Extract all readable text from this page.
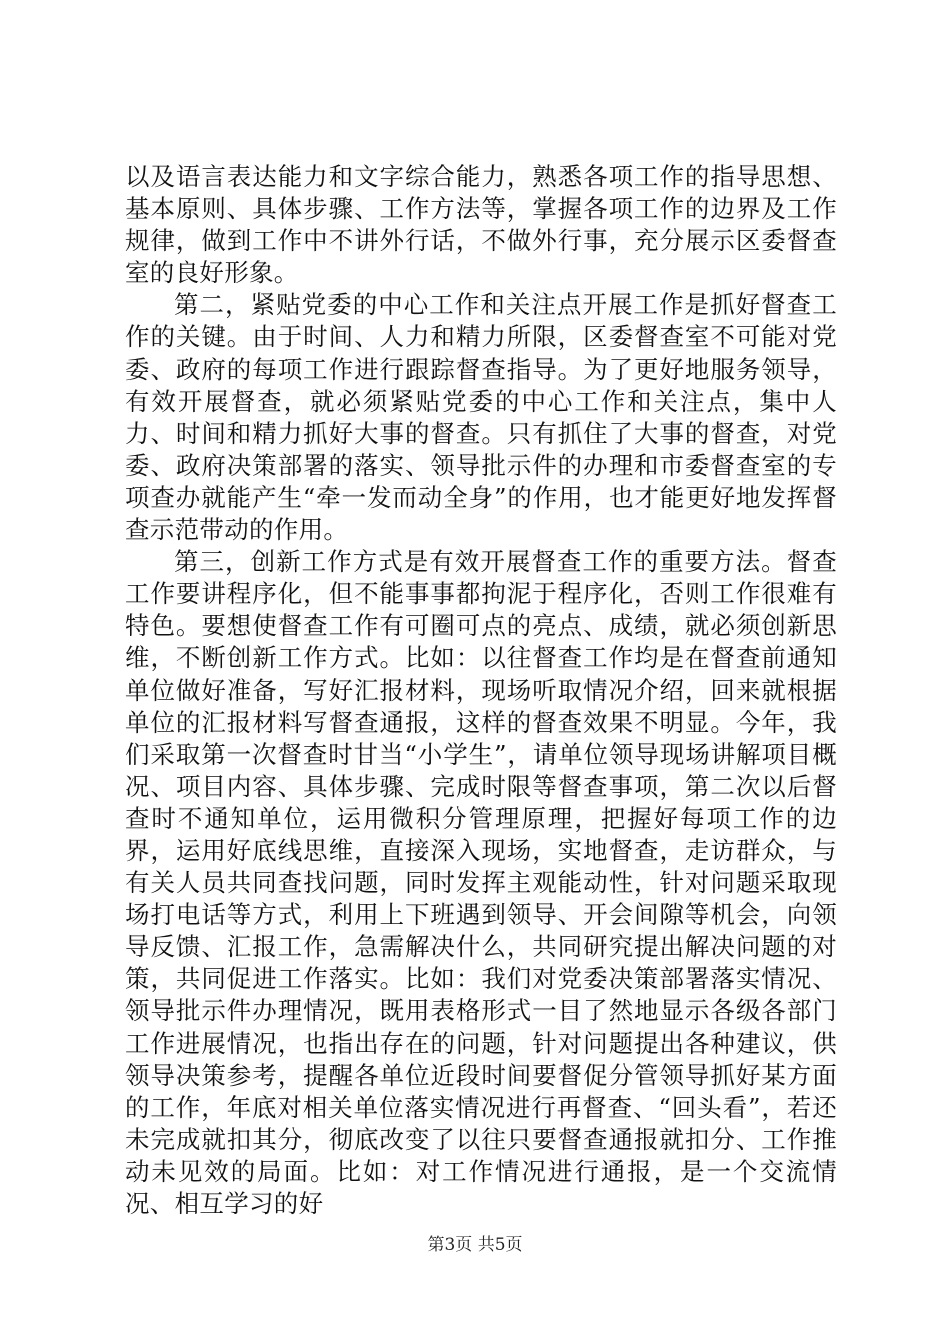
以及语言表达能力和文字综合能力，熟悉各项工作的指导思想、基本原则、具体步骤、工作方法等，掌握各项工作的边界及工作规律，做到工作中不讲外行话，不做外行事，充分展示区委督查室的良好形象。

第二，紧贴党委的中心工作和关注点开展工作是抓好督查工作的关键。由于时间、人力和精力所限，区委督查室不可能对党委、政府的每项工作进行跟踪督查指导。为了更好地服务领导，有效开展督查，就必须紧贴党委的中心工作和关注点，集中人力、时间和精力抓好大事的督查。只有抓住了大事的督查，对党委、政府决策部署的落实、领导批示件的办理和市委督查室的专项查办就能产生“牵一发而动全身”的作用，也才能更好地发挥督查示范带动的作用。

第三，创新工作方式是有效开展督查工作的重要方法。督查工作要讲程序化，但不能事事都拘泥于程序化，否则工作很难有特色。要想使督查工作有可圈可点的亮点、成绩，就必须创新思维，不断创新工作方式。比如：以往督查工作均是在督查前通知单位做好准备，写好汇报材料，现场听取情况介绍，回来就根据单位的汇报材料写督查通报，这样的督查效果不明显。今年，我们采取第一次督查时甘当“小学生”，请单位领导现场讲解项目概况、项目内容、具体步骤、完成时限等督查事项，第二次以后督查时不通知单位，运用微积分管理原理，把握好每项工作的边界，运用好底线思维，直接深入现场，实地督查，走访群众，与有关人员共同查找问题，同时发挥主观能动性，针对问题采取现场打电话等方式，利用上下班遇到领导、开会间隙等机会，向领导反馈、汇报工作，急需解决什么，共同研究提出解决问题的对策，共同促进工作落实。比如：我们对党委决策部署落实情况、领导批示件办理情况，既用表格形式一目了然地显示各级各部门工作进展情况，也指出存在的问题，针对问题提出各种建议，供领导决策参考，提醒各单位近段时间要督促分管领导抓好某方面的工作，年底对相关单位落实情况进行再督查、“回头看”，若还未完成就扣其分，彻底改变了以往只要督查通报就扣分、工作推动未见效的局面。比如：对工作情况进行通报，是一个交流情况、相互学习的好

第3页 共5页
